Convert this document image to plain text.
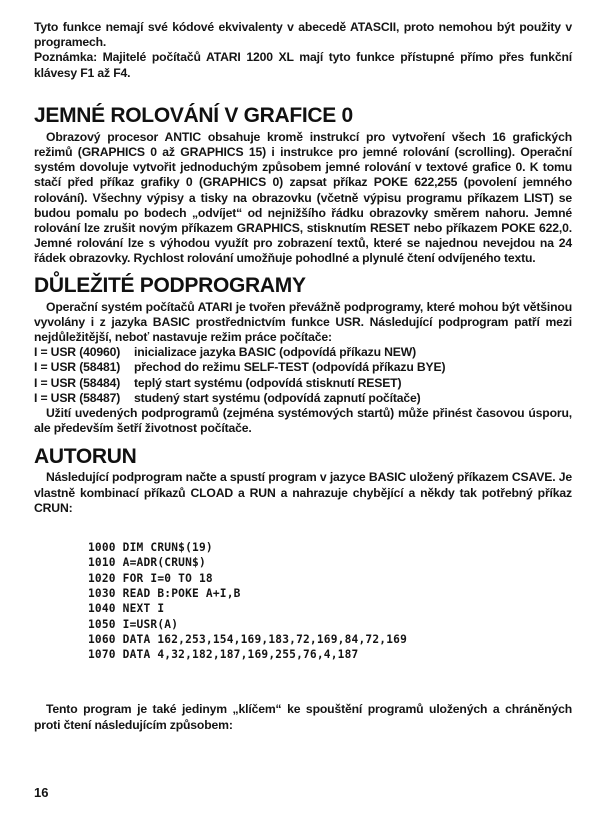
Tyto funkce nemají své kódové ekvivalenty v abecedě ATASCII, proto nemohou být použity v programech.

Poznámka: Majitelé počítačů ATARI 1200 XL mají tyto funkce přístupné přímo přes funkční klávesy F1 až F4.

JEMNÉ ROLOVÁNÍ V GRAFICE 0

Obrazový procesor ANTIC obsahuje kromě instrukcí pro vytvoření všech 16 grafických režimů (GRAPHICS 0 až GRAPHICS 15) i instrukce pro jemné rolování (scrolling). Operační systém dovoluje vytvořit jednoduchým způsobem jemné rolování v textové grafice 0. K tomu stačí před příkaz grafiky 0 (GRAPHICS 0) zapsat příkaz POKE 622,255 (povolení jemného rolování). Všechny výpisy a tisky na obrazovku (včetně výpisu programu příkazem LIST) se budou pomalu po bodech „odvíjet“ od nejnižšího řádku obrazovky směrem nahoru. Jemné rolování lze zrušit novým příkazem GRAPHICS, stisknutím RESET nebo příkazem POKE 622,0. Jemné rolování lze s výhodou využít pro zobrazení textů, které se najednou nevejdou na 24 řádek obrazovky. Rychlost rolování umožňuje pohodlné a plynulé čtení odvíjeného textu.

DŮLEŽITÉ PODPROGRAMY

Operační systém počítačů ATARI je tvořen převážně podprogramy, které mohou být většinou vyvolány i z jazyka BASIC prostřednictvím funkce USR. Následující podprogram patří mezi nejdůležitější, neboť nastavuje režim práce počítače:

I = USR (40960)	inicializace jazyka BASIC (odpovídá příkazu NEW)
I = USR (58481)	přechod do režimu SELF-TEST (odpovídá příkazu BYE)
I = USR (58484)	teplý start systému (odpovídá stisknutí RESET)
I = USR (58487)	studený start systému (odpovídá zapnutí počítače)

Užití uvedených podprogramů (zejména systémových startů) může přinést časovou úsporu, ale především šetří životnost počítače.

AUTORUN

Následující podprogram načte a spustí program v jazyce BASIC uložený příkazem CSAVE. Je vlastně kombinací příkazů CLOAD a RUN a nahrazuje chybějící a někdy tak potřebný příkaz CRUN:

1000 DIM CRUN$(19)
1010 A=ADR(CRUN$)
1020 FOR I=0 TO 18
1030 READ B:POKE A+I,B
1040 NEXT I
1050 I=USR(A)
1060 DATA 162,253,154,169,183,72,169,84,72,169
1070 DATA 4,32,182,187,169,255,76,4,187

Tento program je také jedinym „klíčem“ ke spouštění programů uložených a chráněných proti čtení následujícím způsobem:

16
